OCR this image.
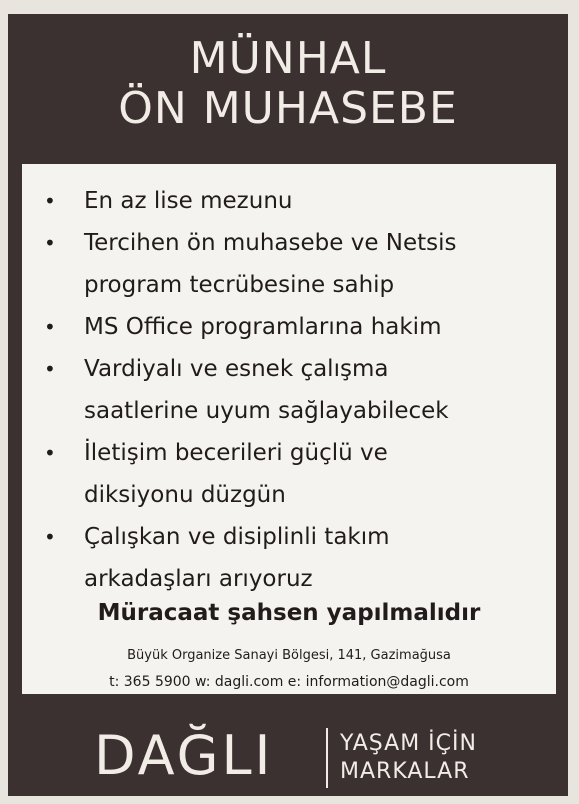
MÜNHAL
ÖN MUHASEBE
• En az lise mezunu
• Tercihen ön muhasebe ve Netsis
program tecrübesine sahip
• MS Office programlarına hakim
• Vardiyalı ve esnek çalışma
saatlerine uyum sağlayabilecek
• İletişim becerileri güçlü ve
diksiyonu düzgün
• Çalışkan ve disiplinli takım
arkadaşları arıyoruz
Müracaat şahsen yapılmalıdır
Büyük Organize Sanayi Bölgesi, 141, Gazimağusa
t: 365 5900 w: dagli.com e: information@dagli.com
DAĞLI	YAŞAM İÇİN
MARKALAR
